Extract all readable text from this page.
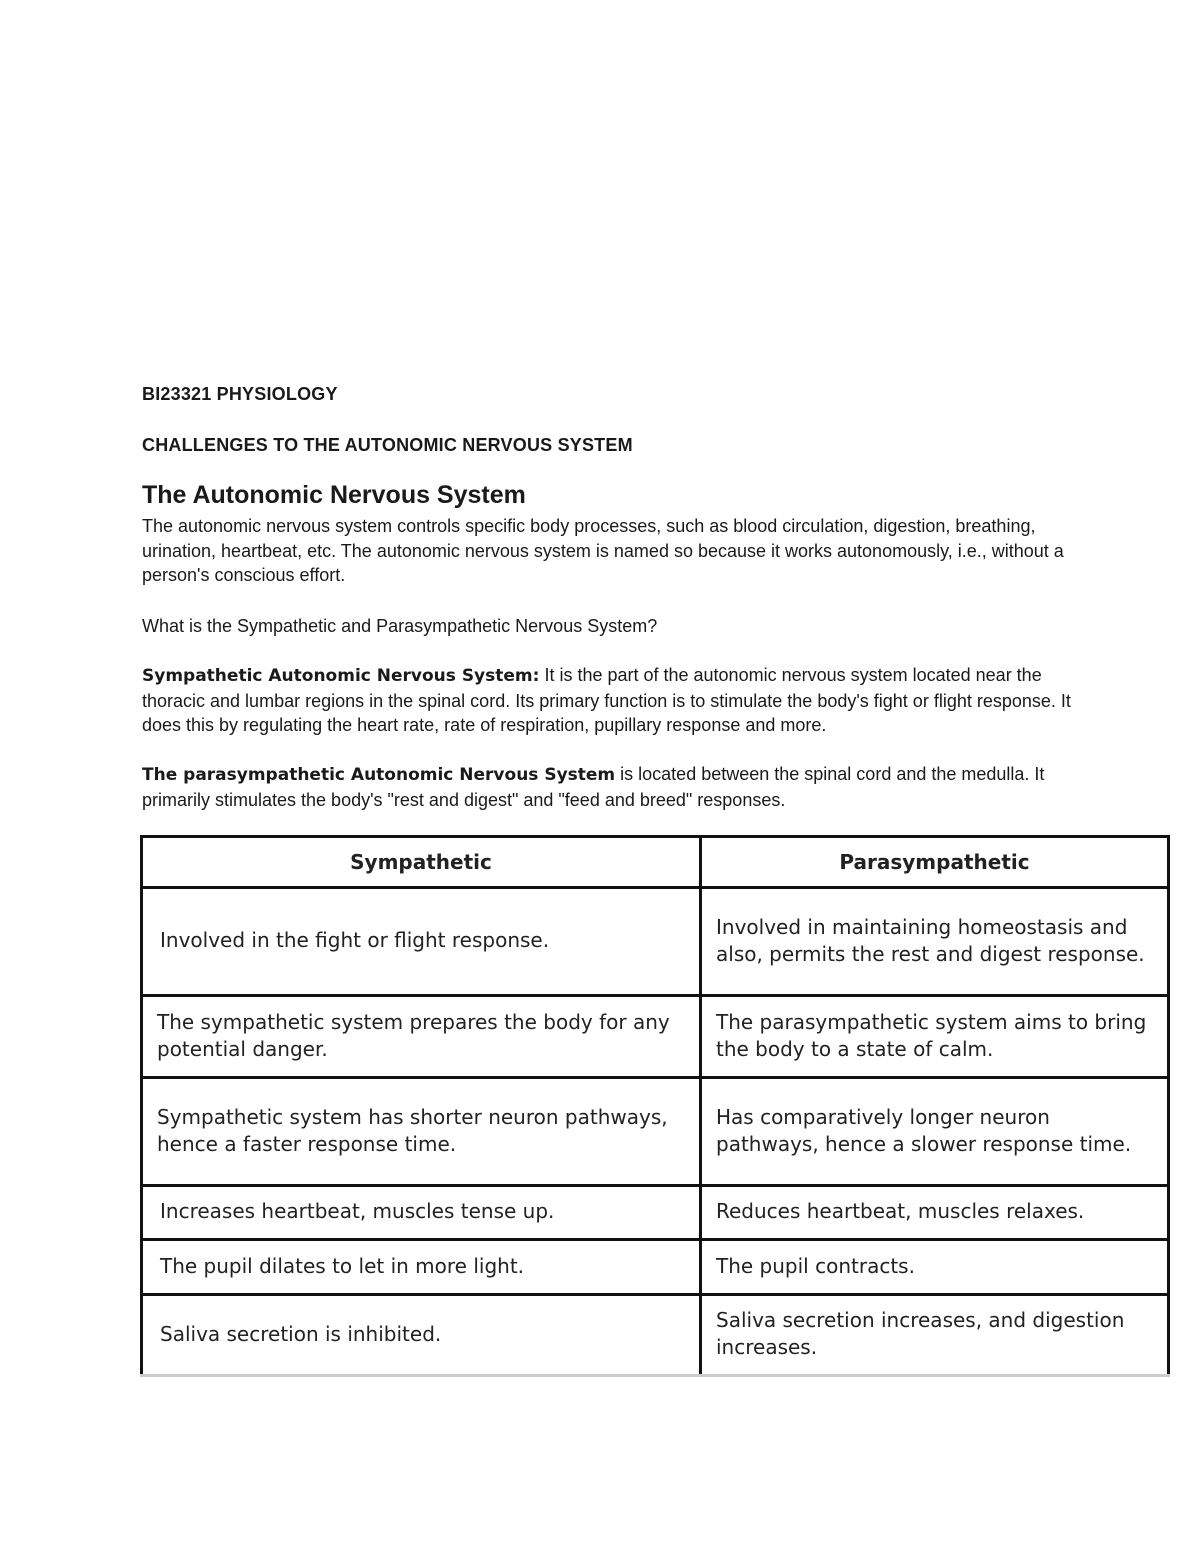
BI23321 PHYSIOLOGY
CHALLENGES TO THE AUTONOMIC NERVOUS SYSTEM
The Autonomic Nervous System

The autonomic nervous system controls specific body processes, such as blood circulation, digestion, breathing, urination, heartbeat, etc. The autonomic nervous system is named so because it works autonomously, i.e., without a person's conscious effort.

What is the Sympathetic and Parasympathetic Nervous System?

Sympathetic Autonomic Nervous System: It is the part of the autonomic nervous system located near the thoracic and lumbar regions in the spinal cord. Its primary function is to stimulate the body's fight or flight response. It does this by regulating the heart rate, rate of respiration, pupillary response and more.

The parasympathetic Autonomic Nervous System is located between the spinal cord and the medulla. It primarily stimulates the body's "rest and digest" and "feed and breed" responses.

Sympathetic	Parasympathetic
Involved in the fight or flight response.	Involved in maintaining homeostasis and also, permits the rest and digest response.
The sympathetic system prepares the body for any potential danger.	The parasympathetic system aims to bring the body to a state of calm.
Sympathetic system has shorter neuron pathways, hence a faster response time.	Has comparatively longer neuron pathways, hence a slower response time.
Increases heartbeat, muscles tense up.	Reduces heartbeat, muscles relaxes.
The pupil dilates to let in more light.	The pupil contracts.
Saliva secretion is inhibited.	Saliva secretion increases, and digestion increases.
